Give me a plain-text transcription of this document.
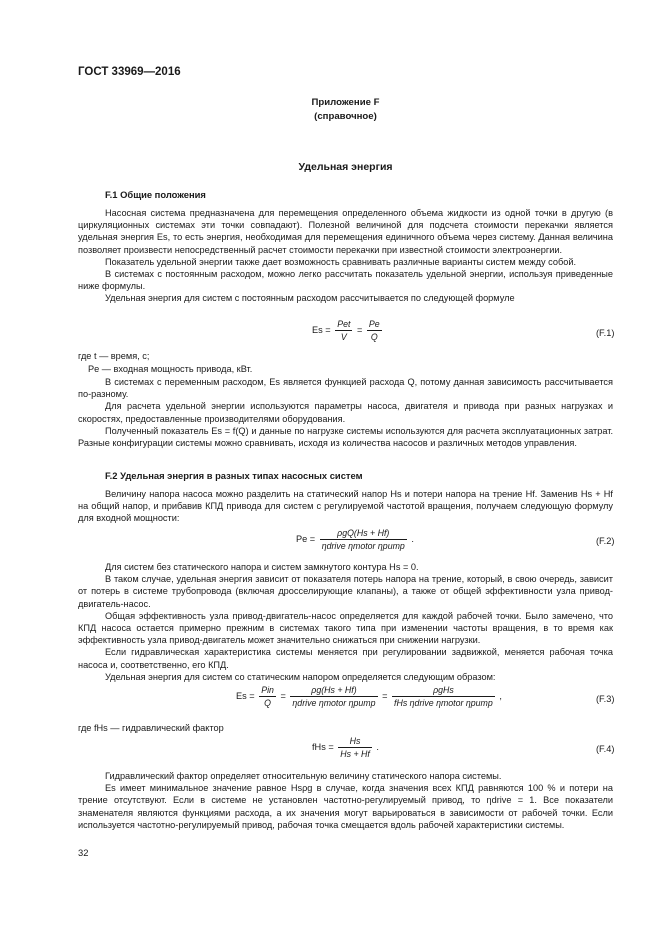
ГОСТ 33969—2016
Приложение F
(справочное)
Удельная энергия
F.1 Общие положения

Насосная система предназначена для перемещения определенного объема жидкости из одной точки в другую (в циркуляционных системах эти точки совпадают). Полезной величиной для подсчета стоимости перекачки является удельная энергия Es, то есть энергия, необходимая для перемещения единичного объема через систему. Данная величина позволяет произвести непосредственный расчет стоимости перекачки при известной стоимости электроэнергии.

Показатель удельной энергии также дает возможность сравнивать различные варианты систем между собой.

В системах с постоянным расходом, можно легко рассчитать показатель удельной энергии, используя приведенные ниже формулы.

Удельная энергия для систем с постоянным расходом рассчитывается по следующей формуле

$Es = \frac{\text{Pet}}{V} = \frac{Pe}{Q}$	(F.1)
где t — время, с;
Pe — входная мощность привода, кВт.

В системах с переменным расходом, Es является функцией расхода Q, потому данная зависимость рассчитывается по-разному.

Для расчета удельной энергии используются параметры насоса, двигателя и привода при разных нагрузках и скоростях, предоставленные производителями оборудования.

Полученный показатель Es = f(Q) и данные по нагрузке системы используются для расчета эксплуатационных затрат. Разные конфигурации системы можно сравнивать, исходя из количества насосов и различных методов управления.

F.2 Удельная энергия в разных типах насосных систем

Величину напора насоса можно разделить на статический напор Hs и потери напора на трение Hf. Заменив Hs + Hf на общий напор, и прибавив КПД привода для систем с регулируемой частотой вращения, получаем следующую формулу для входной мощности:

$Pe = \frac{\text{ρgQ(Hs + Hf)}}{\text{ηdrive ηmotor ηpump}}$ .	(F.2)

Для систем без статического напора и систем замкнутого контура Hs = 0.

В таком случае, удельная энергия зависит от показателя потерь напора на трение, который, в свою очередь, зависит от потерь в системе трубопровода (включая дросселирующие клапаны), а также от общей эффективности узла привод-двигатель-насос.

Общая эффективность узла привод-двигатель-насос определяется для каждой рабочей точки. Было замечено, что КПД насоса остается примерно прежним в системах такого типа при изменении частоты вращения, в то время как эффективность узла привод-двигатель может значительно снижаться при снижении нагрузки.

Если гидравлическая характеристика системы меняется при регулировании задвижкой, меняется рабочая точка насоса и, соответственно, его КПД.

Удельная энергия для систем со статическим напором определяется следующим образом:

$Es = \frac{\text{Pin}}{Q} = \frac{\rho g(Hs + Hf)}{\text{ηdrive ηmotor ηpump}} = \frac{\text{ρgHs}}{\text{fHs ηdrive ηmotor ηpump}}$ ,	(F.3)
где fHs — гидравлический фактор
fHs = $\frac{Hs}{Hs + Hf}$ .	(F.4)

Гидравлический фактор определяет относительную величину статического напора системы.

Es имеет минимальное значение равное Hsρg в случае, когда значения всех КПД равняются 100 % и потери на трение отсутствуют. Если в системе не установлен частотно-регулируемый привод, то ηdrive = 1. Все показатели знаменателя являются функциями расхода, а их значения могут варьироваться в зависимости от рабочей точки. Если используется частотно-регулируемый привод, рабочая точка смещается вдоль рабочей характеристики системы.

32
